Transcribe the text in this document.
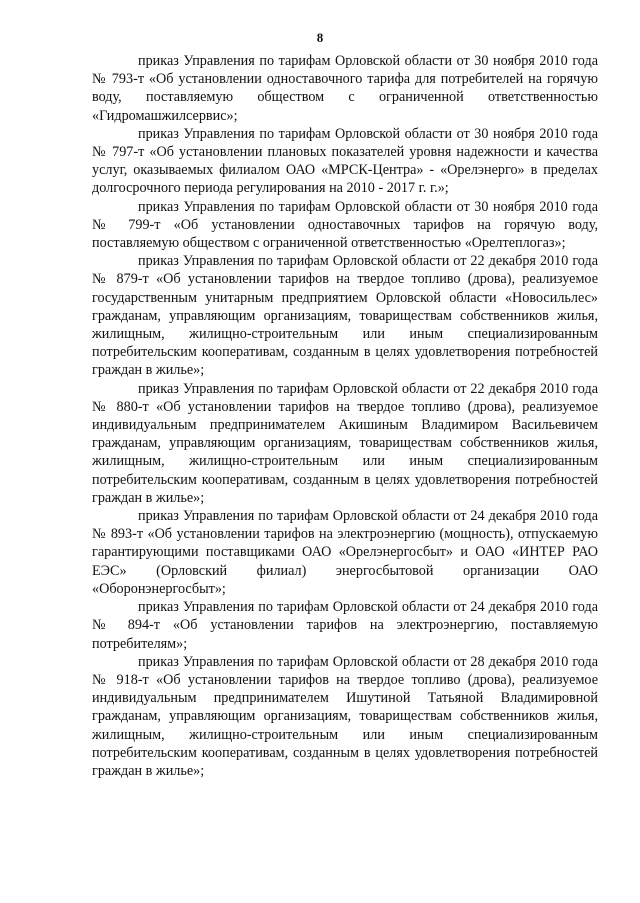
8

приказ Управления по тарифам Орловской области от 30 ноября 2010 года № 793-т «Об установлении одноставочного тарифа для потребителей на горячую воду, поставляемую обществом с ограниченной ответственностью «Гидромашжилсервис»;

приказ Управления по тарифам Орловской области от 30 ноября 2010 года № 797-т «Об установлении плановых показателей уровня надежности и качества услуг, оказываемых филиалом ОАО «МРСК-Центра» - «Орелэнерго» в пределах долгосрочного периода регулирования на 2010 - 2017 г. г.»;

приказ Управления по тарифам Орловской области от 30 ноября 2010 года № 799-т «Об установлении одноставочных тарифов на горячую воду, поставляемую обществом с ограниченной ответственностью «Орелтеплогаз»;

приказ Управления по тарифам Орловской области от 22 декабря 2010 года № 879-т «Об установлении тарифов на твердое топливо (дрова), реализуемое государственным унитарным предприятием Орловской области «Новосильлес» гражданам, управляющим организациям, товариществам собственников жилья, жилищным, жилищно-строительным или иным специализированным потребительским кооперативам, созданным в целях удовлетворения потребностей граждан в жилье»;

приказ Управления по тарифам Орловской области от 22 декабря 2010 года № 880-т «Об установлении тарифов на твердое топливо (дрова), реализуемое индивидуальным предпринимателем Акишиным Владимиром Васильевичем гражданам, управляющим организациям, товариществам собственников жилья, жилищным, жилищно-строительным или иным специализированным потребительским кооперативам, созданным в целях удовлетворения потребностей граждан в жилье»;

приказ Управления по тарифам Орловской области от 24 декабря 2010 года № 893-т «Об установлении тарифов на электроэнергию (мощность), отпускаемую гарантирующими поставщиками ОАО «Орелэнергосбыт» и ОАО «ИНТЕР РАО ЕЭС» (Орловский филиал) энергосбытовой организации ОАО «Оборонэнергосбыт»;

приказ Управления по тарифам Орловской области от 24 декабря 2010 года № 894-т «Об установлении тарифов на электроэнергию, поставляемую потребителям»;

приказ Управления по тарифам Орловской области от 28 декабря 2010 года № 918-т «Об установлении тарифов на твердое топливо (дрова), реализуемое индивидуальным предпринимателем Ишутиной Татьяной Владимировной гражданам, управляющим организациям, товариществам собственников жилья, жилищным, жилищно-строительным или иным специализированным потребительским кооперативам, созданным в целях удовлетворения потребностей граждан в жилье»;
